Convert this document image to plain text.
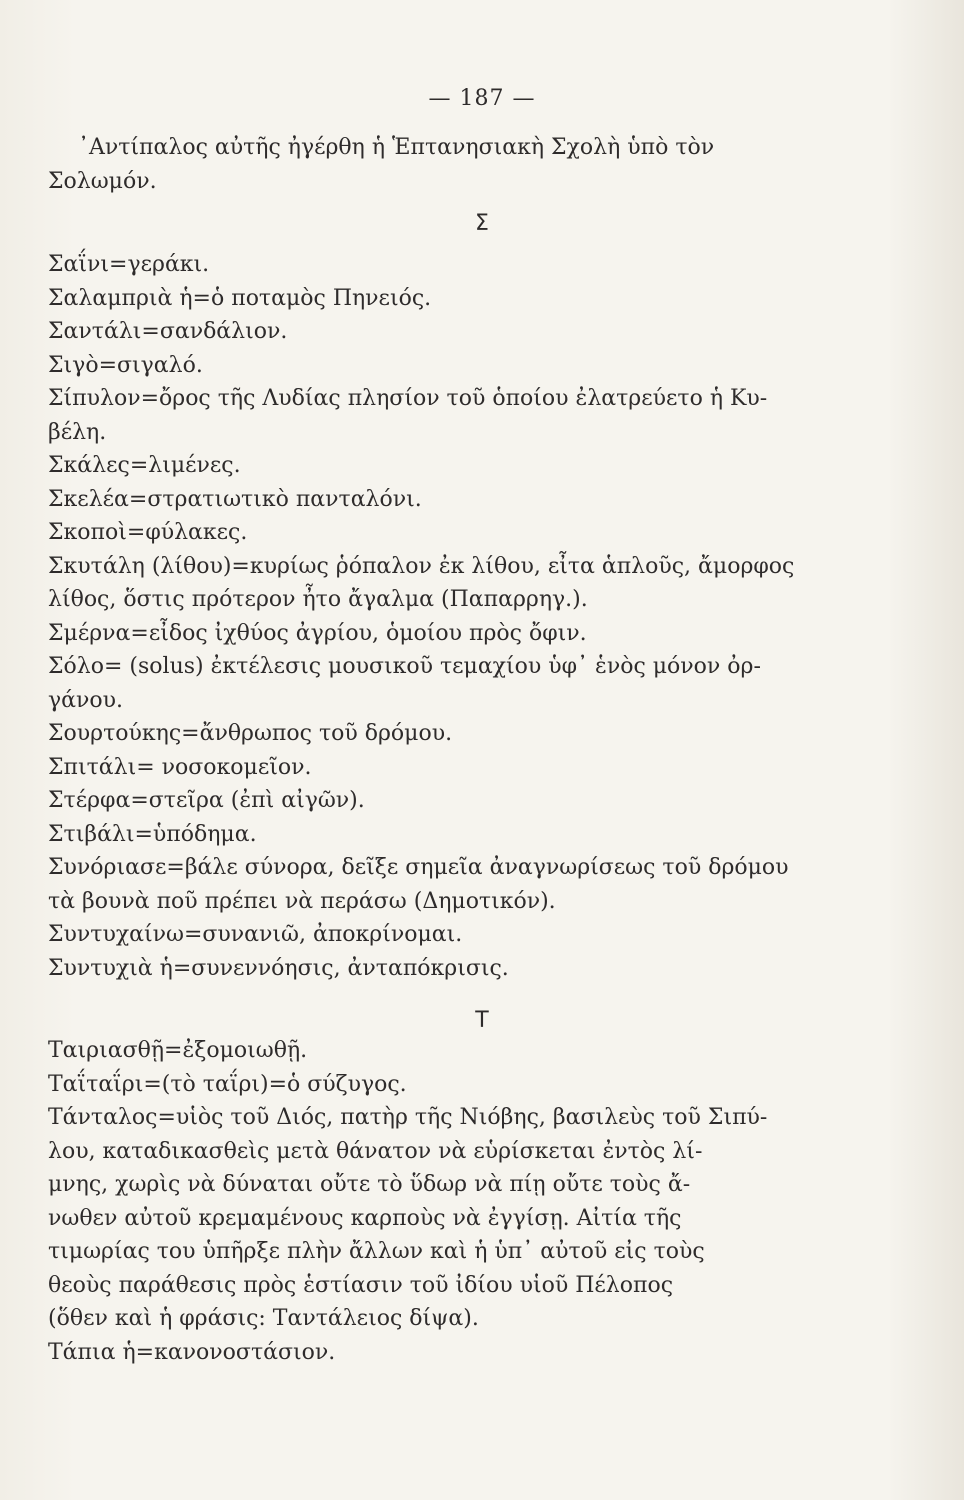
— 187 —

᾿Αντίπαλος αὐτῆς ἠγέρθη ἡ Ἑπτανησιακὴ Σχολὴ ὑπὸ τὸν

Σολωμόν.

Σ

Σαΐνι=γεράκι.

Σαλαμπριὰ ἡ=ὁ ποταμὸς Πηνειός.

Σαντάλι=σανδάλιον.

Σιγὸ=σιγαλό.

Σίπυλον=ὄρος τῆς Λυδίας πλησίον τοῦ ὁποίου ἐλατρεύετο ἡ Κυ-
βέλη.

Σκάλες=λιμένες.

Σκελέα=στρατιωτικὸ πανταλόνι.

Σκοποὶ=φύλακες.

Σκυτάλη (λίθου)=κυρίως ῥόπαλον ἐκ λίθου, εἶτα ἁπλοῦς, ἄμορφος
λίθος, ὅστις πρότερον ἦτο ἄγαλμα (Παπαρρηγ.).

Σμέρνα=εἶδος ἰχθύος ἀγρίου, ὁμοίου πρὸς ὄφιν.

Σόλο= (solus) ἐκτέλεσις μουσικοῦ τεμαχίου ὑφ᾿ ἑνὸς μόνον ὀρ-
γάνου.

Σουρτούκης=ἄνθρωπος τοῦ δρόμου.

Σπιτάλι= νοσοκομεῖον.

Στέρφα=στεῖρα (ἐπὶ αἰγῶν).

Στιβάλι=ὑπόδημα.

Συνόριασε=βάλε σύνορα, δεῖξε σημεῖα ἀναγνωρίσεως τοῦ δρόμου
τὰ βουνὰ ποῦ πρέπει νὰ περάσω (Δημοτικόν).

Συντυχαίνω=συνανιῶ, ἀποκρίνομαι.

Συντυχιὰ ἡ=συνεννόησις, ἀνταπόκρισις.

Τ

Ταιριασθῇ=ἐξομοιωθῇ.

Ταΐταΐρι=(τὸ ταΐρι)=ὁ σύζυγος.

Τάνταλος=υἱὸς τοῦ Διός, πατὴρ τῆς Νιόβης, βασιλεὺς τοῦ Σιπύ-
λου, καταδικασθεὶς μετὰ θάνατον νὰ εὑρίσκεται ἐντὸς λί-
μνης, χωρὶς νὰ δύναται οὔτε τὸ ὕδωρ νὰ πίῃ οὔτε τοὺς ἄ-
νωθεν αὐτοῦ κρεμαμένους καρποὺς νὰ ἐγγίσῃ. Αἰτία τῆς
τιμωρίας του ὑπῆρξε πλὴν ἄλλων καὶ ἡ ὑπ᾿ αὐτοῦ εἰς τοὺς
θεοὺς παράθεσις πρὸς ἑστίασιν τοῦ ἰδίου υἱοῦ Πέλοπος
(ὅθεν καὶ ἡ φράσις: Ταντάλειος δίψα).

Τάπια ἡ=κανονοστάσιον.
